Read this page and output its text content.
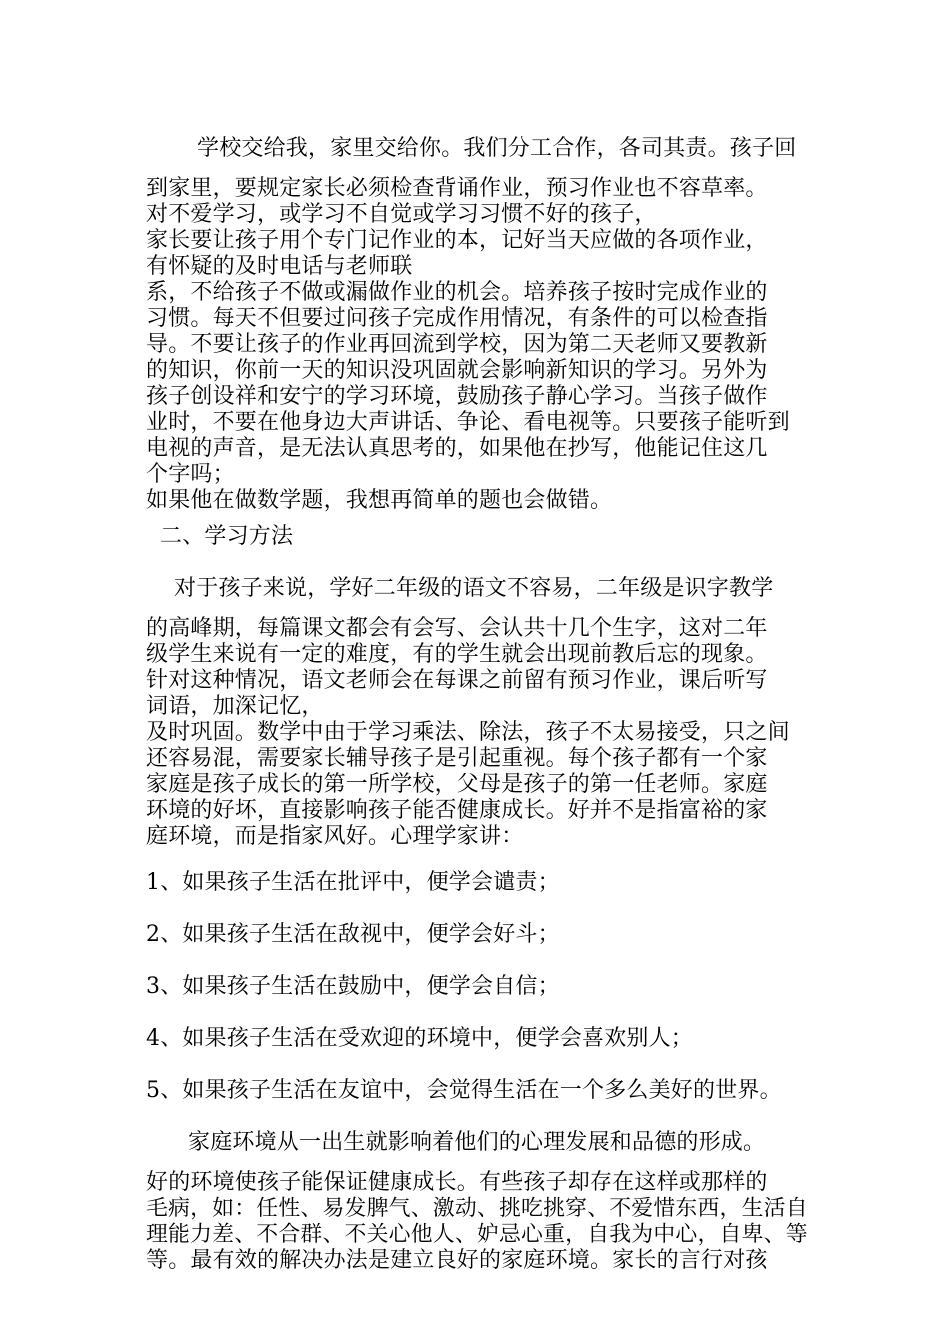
学校交给我，家里交给你。我们分工合作，各司其责。孩子回
到家里，要规定家长必须检查背诵作业，预习作业也不容草率。
对不爱学习，或学习不自觉或学习习惯不好的孩子，
家长要让孩子用个专门记作业的本，记好当天应做的各项作业，
有怀疑的及时电话与老师联
系，不给孩子不做或漏做作业的机会。培养孩子按时完成作业的
习惯。每天不但要过问孩子完成作用情况，有条件的可以检查指
导。不要让孩子的作业再回流到学校，因为第二天老师又要教新
的知识，你前一天的知识没巩固就会影响新知识的学习。另外为
孩子创设祥和安宁的学习环境，鼓励孩子静心学习。当孩子做作
业时，不要在他身边大声讲话、争论、看电视等。只要孩子能听到
电视的声音，是无法认真思考的，如果他在抄写，他能记住这几
个字吗；
如果他在做数学题，我想再简单的题也会做错。
二、学习方法
对于孩子来说，学好二年级的语文不容易，二年级是识字教学
的高峰期，每篇课文都会有会写、会认共十几个生字，这对二年
级学生来说有一定的难度，有的学生就会出现前教后忘的现象。
针对这种情况，语文老师会在每课之前留有预习作业，课后听写
词语，加深记忆，
及时巩固。数学中由于学习乘法、除法，孩子不太易接受，只之间
还容易混，需要家长辅导孩子是引起重视。每个孩子都有一个家
家庭是孩子成长的第一所学校，父母是孩子的第一任老师。家庭
环境的好坏，直接影响孩子能否健康成长。好并不是指富裕的家
庭环境，而是指家风好。心理学家讲：
1、如果孩子生活在批评中，便学会谴责；
2、如果孩子生活在敌视中，便学会好斗；
3、如果孩子生活在鼓励中，便学会自信；
4、如果孩子生活在受欢迎的环境中，便学会喜欢别人；
5、如果孩子生活在友谊中，会觉得生活在一个多么美好的世界。
家庭环境从一出生就影响着他们的心理发展和品德的形成。
好的环境使孩子能保证健康成长。有些孩子却存在这样或那样的
毛病，如：任性、易发脾气、激动、挑吃挑穿、不爱惜东西，生活自
理能力差、不合群、不关心他人、妒忌心重，自我为中心，自卑、等
等。最有效的解决办法是建立良好的家庭环境。家长的言行对孩
